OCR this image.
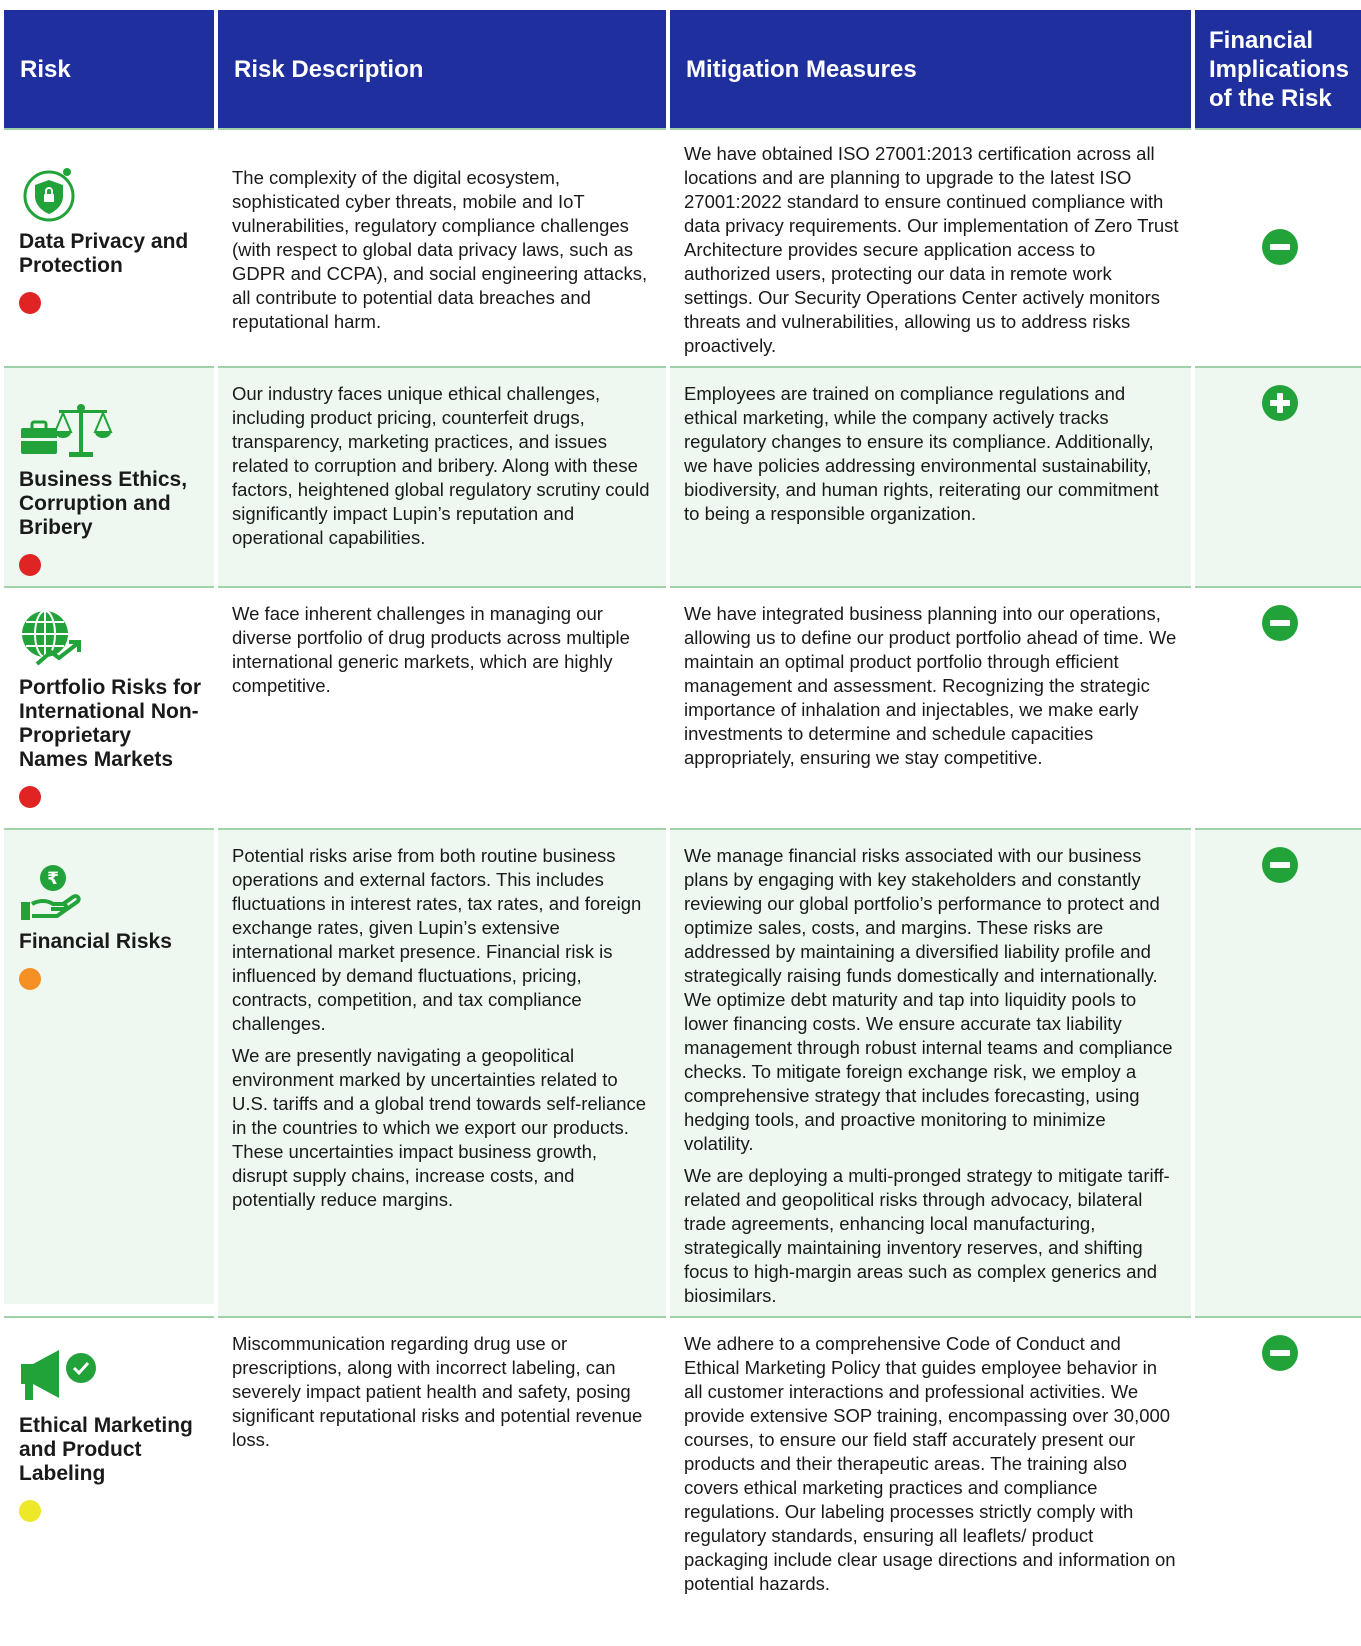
Risk	Risk Description	Mitigation Measures
Financial Implications of the Risk

Data Privacy and Protection

The complexity of the digital ecosystem, sophisticated cyber threats, mobile and IoT vulnerabilities, regulatory compliance challenges (with respect to global data privacy laws, such as GDPR and CCPA), and social engineering attacks, all contribute to potential data breaches and reputational harm.

We have obtained ISO 27001:2013 certification across all locations and are planning to upgrade to the latest ISO 27001:2022 standard to ensure continued compliance with data privacy requirements. Our implementation of Zero Trust Architecture provides secure application access to authorized users, protecting our data in remote work settings. Our Security Operations Center actively monitors threats and vulnerabilities, allowing us to address risks proactively.

Business Ethics, Corruption and Bribery

Our industry faces unique ethical challenges, including product pricing, counterfeit drugs, transparency, marketing practices, and issues related to corruption and bribery. Along with these factors, heightened global regulatory scrutiny could significantly impact Lupin’s reputation and operational capabilities.

Employees are trained on compliance regulations and ethical marketing, while the company actively tracks regulatory changes to ensure its compliance. Additionally, we have policies addressing environmental sustainability, biodiversity, and human rights, reiterating our commitment to being a responsible organization.

Portfolio Risks for International Non-Proprietary Names Markets

We face inherent challenges in managing our diverse portfolio of drug products across multiple international generic markets, which are highly competitive.

We have integrated business planning into our operations, allowing us to define our product portfolio ahead of time. We maintain an optimal product portfolio through efficient management and assessment. Recognizing the strategic importance of inhalation and injectables, we make early investments to determine and schedule capacities appropriately, ensuring we stay competitive.

₹

Financial Risks

Potential risks arise from both routine business operations and external factors. This includes fluctuations in interest rates, tax rates, and foreign exchange rates, given Lupin’s extensive international market presence. Financial risk is influenced by demand fluctuations, pricing, contracts, competition, and tax compliance challenges.

We are presently navigating a geopolitical environment marked by uncertainties related to U.S. tariffs and a global trend towards self-reliance in the countries to which we export our products. These uncertainties impact business growth, disrupt supply chains, increase costs, and potentially reduce margins.

We manage financial risks associated with our business plans by engaging with key stakeholders and constantly reviewing our global portfolio’s performance to protect and optimize sales, costs, and margins. These risks are addressed by maintaining a diversified liability profile and strategically raising funds domestically and internationally. We optimize debt maturity and tap into liquidity pools to lower financing costs. We ensure accurate tax liability management through robust internal teams and compliance checks. To mitigate foreign exchange risk, we employ a comprehensive strategy that includes forecasting, using hedging tools, and proactive monitoring to minimize volatility.

We are deploying a multi-pronged strategy to mitigate tariff-related and geopolitical risks through advocacy, bilateral trade agreements, enhancing local manufacturing, strategically maintaining inventory reserves, and shifting focus to high-margin areas such as complex generics and biosimilars.

Ethical Marketing and Product Labeling

Miscommunication regarding drug use or prescriptions, along with incorrect labeling, can severely impact patient health and safety, posing significant reputational risks and potential revenue loss.

We adhere to a comprehensive Code of Conduct and Ethical Marketing Policy that guides employee behavior in all customer interactions and professional activities. We provide extensive SOP training, encompassing over 30,000 courses, to ensure our field staff accurately present our products and their therapeutic areas. The training also covers ethical marketing practices and compliance regulations. Our labeling processes strictly comply with regulatory standards, ensuring all leaflets/ product packaging include clear usage directions and information on potential hazards.
